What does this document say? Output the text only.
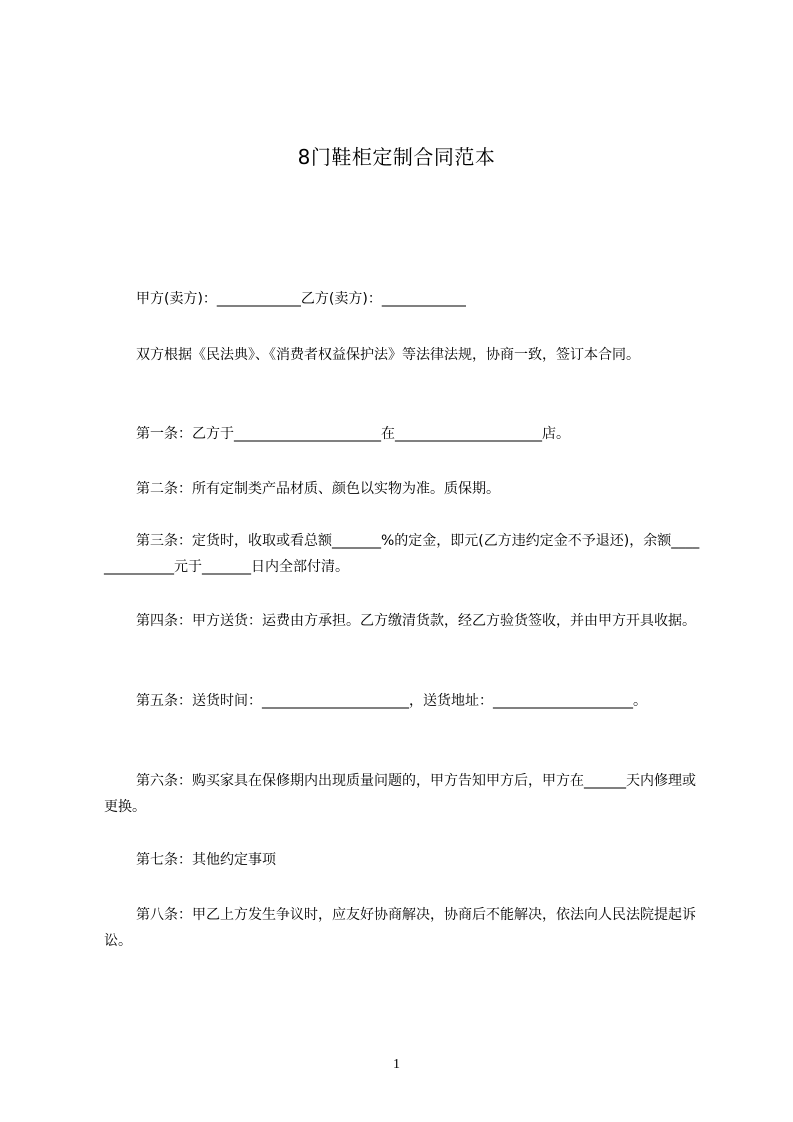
8门鞋柜定制合同范本
甲方(卖方)：____________乙方(卖方)：____________
双方根据《民法典》、《消费者权益保护法》等法律法规，协商一致，签订本合同。
第一条：乙方于_____________________在_____________________店。
第二条：所有定制类产品材质、颜色以实物为准。质保期。
第三条：定货时，收取或看总额_______%的定金，即元(乙方违约定金不予退还)，余额______________元于_______日内全部付清。
第四条：甲方送货：运费由方承担。乙方缴清货款，经乙方验货签收，并由甲方开具收据。
第五条：送货时间：_____________________，送货地址：____________________。
第六条：购买家具在保修期内出现质量问题的，甲方告知甲方后，甲方在______天内修理或更换。
第七条：其他约定事项
第八条：甲乙上方发生争议时，应友好协商解决，协商后不能解决，依法向人民法院提起诉讼。
1
